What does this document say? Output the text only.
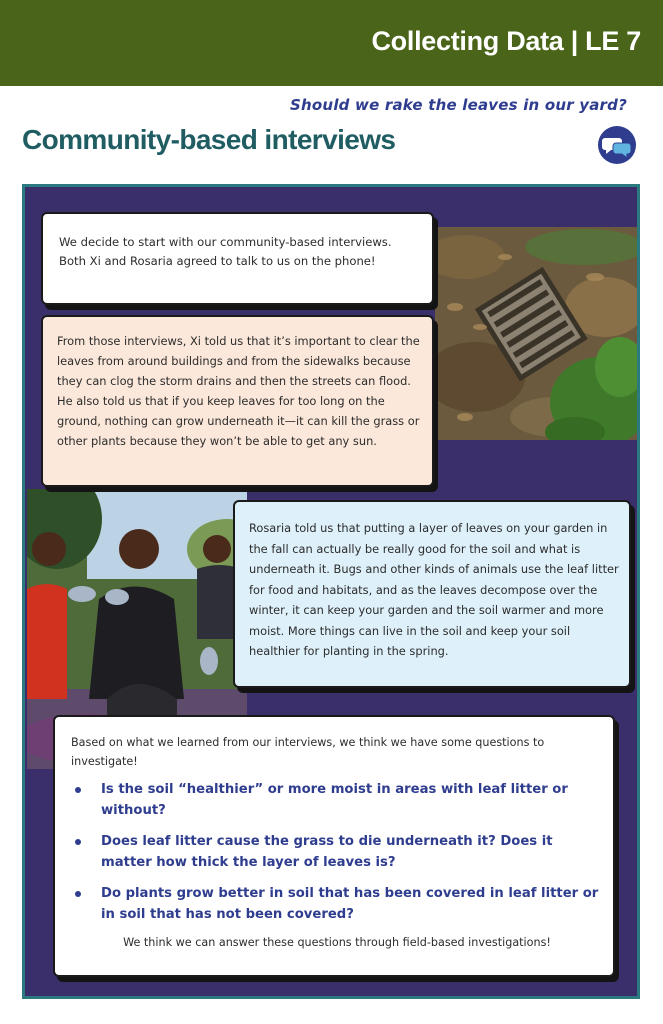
Collecting Data | LE 7
Should we rake the leaves in our yard?
Community-based interviews

We decide to start with our community-based interviews. Both Xi and Rosaria agreed to talk to us on the phone!

From those interviews, Xi told us that it’s important to clear the leaves from around buildings and from the sidewalks because they can clog the storm drains and then the streets can flood. He also told us that if you keep leaves for too long on the ground, nothing can grow underneath it—it can kill the grass or other plants because they won’t be able to get any sun.

Rosaria told us that putting a layer of leaves on your garden in the fall can actually be really good for the soil and what is underneath it. Bugs and other kinds of animals use the leaf litter for food and habitats, and as the leaves decompose over the winter, it can keep your garden and the soil warmer and more moist. More things can live in the soil and keep your soil healthier for planting in the spring.

Based on what we learned from our interviews, we think we have some questions to investigate!

Is the soil “healthier” or more moist in areas with leaf litter or without?
Does leaf litter cause the grass to die underneath it? Does it matter how thick the layer of leaves is?
Do plants grow better in soil that has been covered in leaf litter or in soil that has not been covered?

We think we can answer these questions through field-based investigations!
